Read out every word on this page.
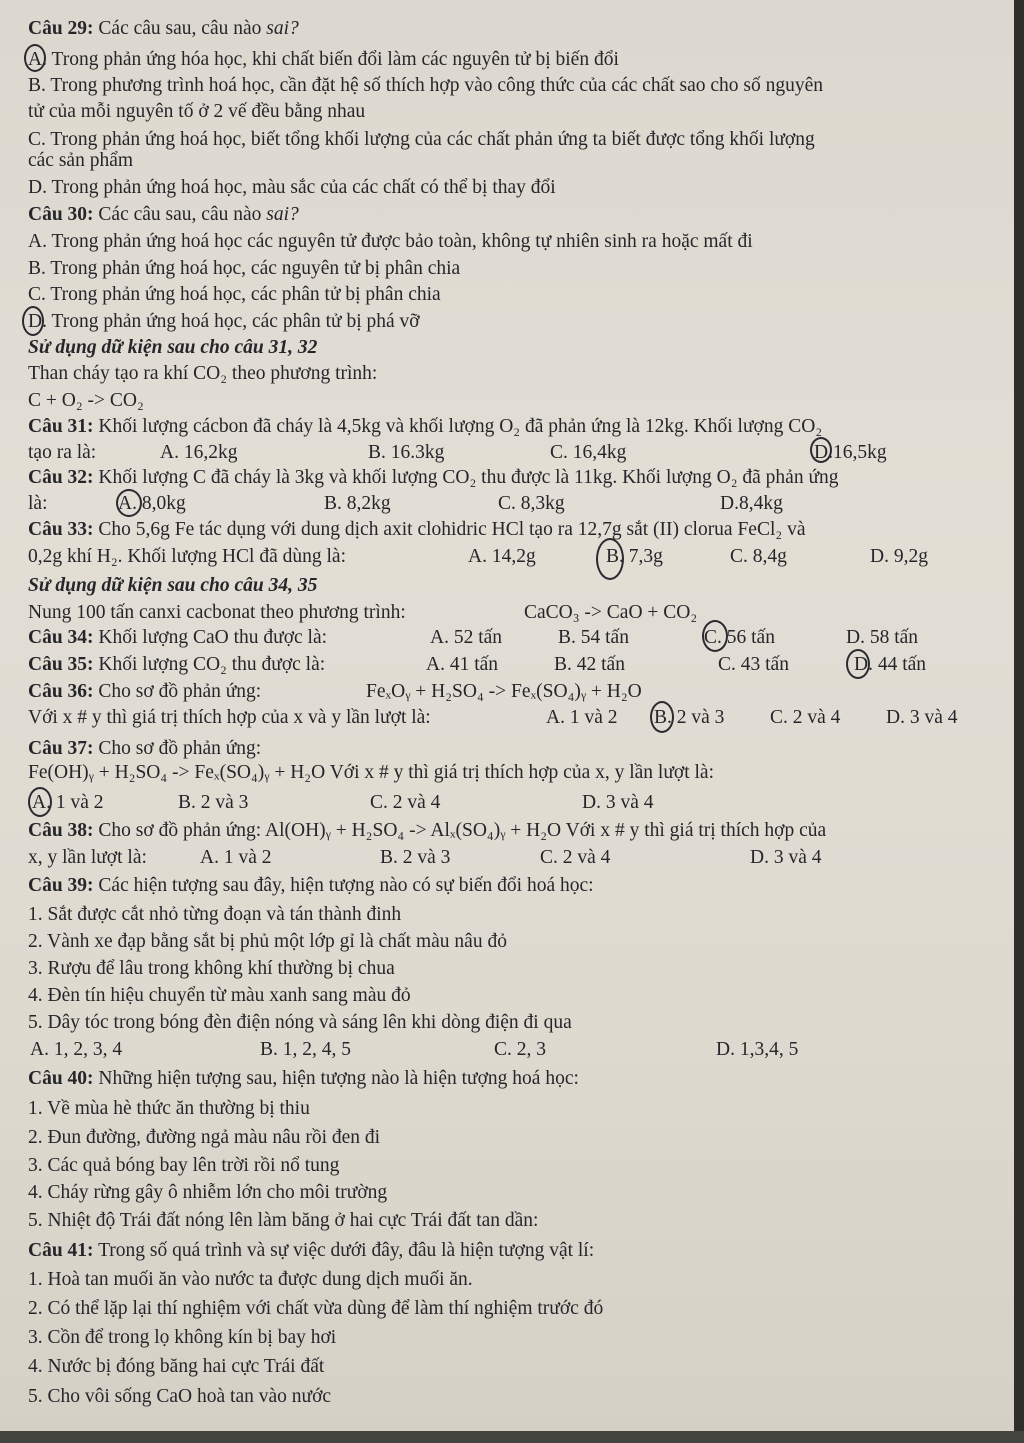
Câu 29: Các câu sau, câu nào sai?
A. Trong phản ứng hóa học, khi chất biến đổi làm các nguyên tử bị biến đổi
B. Trong phương trình hoá học, cần đặt hệ số thích hợp vào công thức của các chất sao cho số nguyên
tử của mỗi nguyên tố ở 2 vế đều bằng nhau
C. Trong phản ứng hoá học, biết tổng khối lượng của các chất phản ứng ta biết được tổng khối lượng
các sản phẩm
D. Trong phản ứng hoá học, màu sắc của các chất có thể bị thay đổi
Câu 30: Các câu sau, câu nào sai?
A. Trong phản ứng hoá học các nguyên tử được bảo toàn, không tự nhiên sinh ra hoặc mất đi
B. Trong phản ứng hoá học, các nguyên tử bị phân chia
C. Trong phản ứng hoá học, các phân tử bị phân chia
D. Trong phản ứng hoá học, các phân tử bị phá vỡ
Sử dụng dữ kiện sau cho câu 31, 32
Than cháy tạo ra khí CO₂ theo phương trình:
C + O₂ -> CO₂
Câu 31: Khối lượng cácbon đã cháy là 4,5kg và khối lượng O₂ đã phản ứng là 12kg. Khối lượng CO₂
tạo ra là:	A. 16,2kg	B. 16.3kg	C. 16,4kg	D.16,5kg
Câu 32: Khối lượng C đã cháy là 3kg và khối lượng CO₂ thu được là 11kg. Khối lượng O₂ đã phản ứng
là:	A. 8,0kg	B. 8,2kg	C. 8,3kg	D.8,4kg
Câu 33: Cho 5,6g Fe tác dụng với dung dịch axit clohidric HCl tạo ra 12,7g sắt (II) clorua FeCl₂ và
0,2g khí H₂. Khối lượng HCl đã dùng là:	A. 14,2g	B. 7,3g	C. 8,4g	D. 9,2g
Sử dụng dữ kiện sau cho câu 34, 35
Nung 100 tấn canxi cacbonat theo phương trình:	CaCO₃ -> CaO + CO₂
Câu 34: Khối lượng CaO thu được là:	A. 52 tấn	B. 54 tấn	C. 56 tấn	D. 58 tấn
Câu 35: Khối lượng CO₂ thu được là:	A. 41 tấn	B. 42 tấn	C. 43 tấn	D. 44 tấn
Câu 36: Cho sơ đồ phản ứng:	FeₓOᵧ + H₂SO₄ -> Feₓ(SO₄)ᵧ + H₂O
Với x # y thì giá trị thích hợp của x và y lần lượt là:	A. 1 và 2 B. 2 và 3 C. 2 và 4 D. 3 và 4
Câu 37: Cho sơ đồ phản ứng:
Fe(OH)ᵧ + H₂SO₄ -> Feₓ(SO₄)ᵧ + H₂O Với x # y thì giá trị thích hợp của x, y lần lượt là:
A. 1 và 2	B. 2 và 3	C. 2 và 4	D. 3 và 4
Câu 38: Cho sơ đồ phản ứng: Al(OH)ᵧ + H₂SO₄ -> Alₓ(SO₄)ᵧ + H₂O Với x # y thì giá trị thích hợp của
x, y lần lượt là:	A. 1 và 2	B. 2 và 3	C. 2 và 4	D. 3 và 4
Câu 39: Các hiện tượng sau đây, hiện tượng nào có sự biến đổi hoá học:
1. Sắt được cắt nhỏ từng đoạn và tán thành đinh
2. Vành xe đạp bằng sắt bị phủ một lớp gỉ là chất màu nâu đỏ
3. Rượu để lâu trong không khí thường bị chua
4. Đèn tín hiệu chuyển từ màu xanh sang màu đỏ
5. Dây tóc trong bóng đèn điện nóng và sáng lên khi dòng điện đi qua
A. 1, 2, 3, 4	B. 1, 2, 4, 5	C. 2, 3	D. 1,3,4, 5
Câu 40: Những hiện tượng sau, hiện tượng nào là hiện tượng hoá học:
1. Về mùa hè thức ăn thường bị thiu
2. Đun đường, đường ngả màu nâu rồi đen đi
3. Các quả bóng bay lên trời rồi nổ tung
4. Cháy rừng gây ô nhiễm lớn cho môi trường
5. Nhiệt độ Trái đất nóng lên làm băng ở hai cực Trái đất tan dần:
Câu 41: Trong số quá trình và sự việc dưới đây, đâu là hiện tượng vật lí:
1. Hoà tan muối ăn vào nước ta được dung dịch muối ăn.
2. Có thể lặp lại thí nghiệm với chất vừa dùng để làm thí nghiệm trước đó
3. Cồn để trong lọ không kín bị bay hơi
4. Nước bị đóng băng hai cực Trái đất
5. Cho vôi sống CaO hoà tan vào nước
